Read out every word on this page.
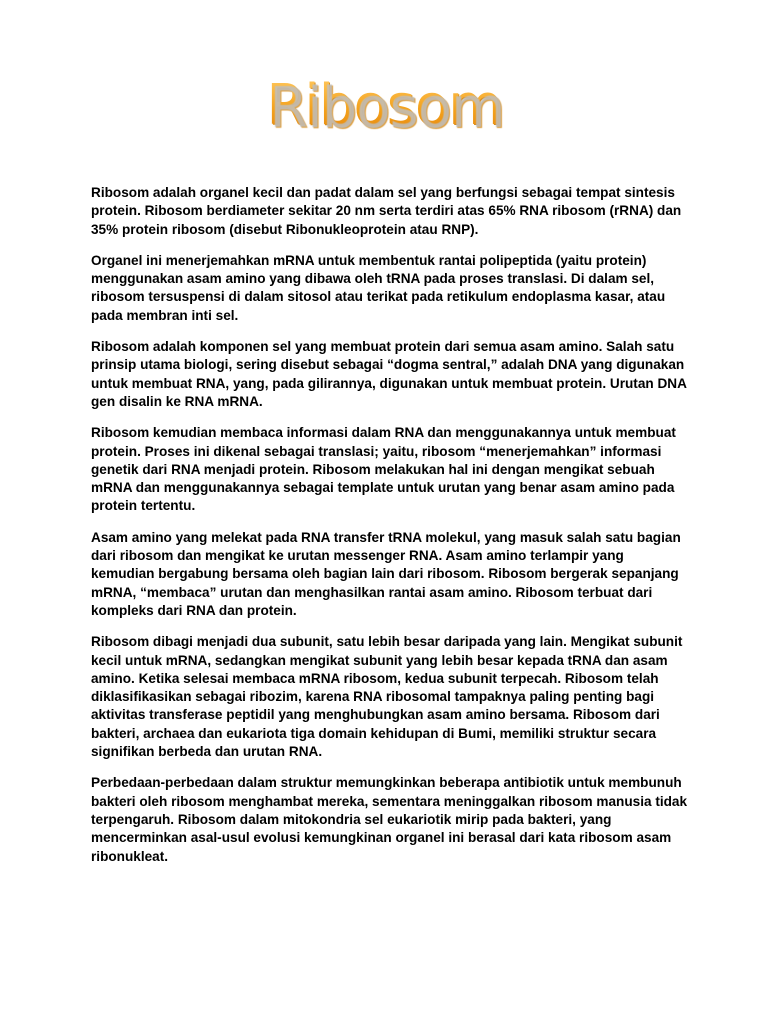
Ribosom

Ribosom adalah organel kecil dan padat dalam sel yang berfungsi sebagai tempat sintesis protein. Ribosom berdiameter sekitar 20 nm serta terdiri atas 65% RNA ribosom (rRNA) dan 35% protein ribosom (disebut Ribonukleoprotein atau RNP).

Organel ini menerjemahkan mRNA untuk membentuk rantai polipeptida (yaitu protein) menggunakan asam amino yang dibawa oleh tRNA pada proses translasi. Di dalam sel, ribosom tersuspensi di dalam sitosol atau terikat pada retikulum endoplasma kasar, atau pada membran inti sel.

Ribosom adalah komponen sel yang membuat protein dari semua asam amino. Salah satu prinsip utama biologi, sering disebut sebagai “dogma sentral,” adalah DNA yang digunakan untuk membuat RNA, yang, pada gilirannya, digunakan untuk membuat protein. Urutan DNA gen disalin ke RNA mRNA.

Ribosom kemudian membaca informasi dalam RNA dan menggunakannya untuk membuat protein. Proses ini dikenal sebagai translasi; yaitu, ribosom “menerjemahkan” informasi genetik dari RNA menjadi protein. Ribosom melakukan hal ini dengan mengikat sebuah mRNA dan menggunakannya sebagai template untuk urutan yang benar asam amino pada protein tertentu.

Asam amino yang melekat pada RNA transfer tRNA molekul, yang masuk salah satu bagian dari ribosom dan mengikat ke urutan messenger RNA. Asam amino terlampir yang kemudian bergabung bersama oleh bagian lain dari ribosom. Ribosom bergerak sepanjang mRNA, “membaca” urutan dan menghasilkan rantai asam amino. Ribosom terbuat dari kompleks dari RNA dan protein.

Ribosom dibagi menjadi dua subunit, satu lebih besar daripada yang lain. Mengikat subunit kecil untuk mRNA, sedangkan mengikat subunit yang lebih besar kepada tRNA dan asam amino. Ketika selesai membaca mRNA ribosom, kedua subunit terpecah. Ribosom telah diklasifikasikan sebagai ribozim, karena RNA ribosomal tampaknya paling penting bagi aktivitas transferase peptidil yang menghubungkan asam amino bersama. Ribosom dari bakteri, archaea dan eukariota tiga domain kehidupan di Bumi, memiliki struktur secara signifikan berbeda dan urutan RNA.

Perbedaan-perbedaan dalam struktur memungkinkan beberapa antibiotik untuk membunuh bakteri oleh ribosom menghambat mereka, sementara meninggalkan ribosom manusia tidak terpengaruh. Ribosom dalam mitokondria sel eukariotik mirip pada bakteri, yang mencerminkan asal-usul evolusi kemungkinan organel ini berasal dari kata ribosom asam ribonukleat.
